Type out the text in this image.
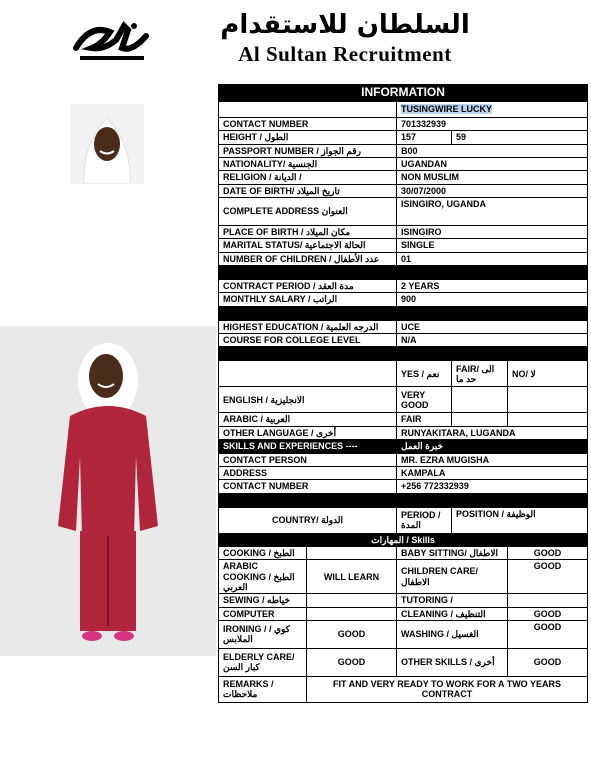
السلطان للاستقدام
Al Sultan Recruitment
INFORMATION				
		TUSINGWIRE LUCKY		
CONTACT NUMBER		701332939		
HEIGHT / الطول		157	59	
PASSPORT NUMBER / رقم الجواز		B00		
NATIONALITY/ الجنسية		UGANDAN		
RELIGION / الديانة /		NON MUSLIM		
DATE OF BIRTH/ تاريخ الميلاد		30/07/2000		
COMPLETE ADDRESS العنوان		ISINGIRO, UGANDA		
PLACE OF BIRTH / مكان الميلاد		ISINGIRO		
MARITAL STATUS/ الحالة الاجتماعية		SINGLE		
NUMBER OF CHILDREN / عدد الأطفال		01		

CONTRACT PERIOD / مدة العقد		2 YEARS		
MONTHLY SALARY / الراتب		900		

HIGHEST EDUCATION / الدرجه العلمية		UCE		
COURSE FOR COLLEGE LEVEL		N/A		

		YES / نعم	FAIR/ الى حد ما	NO/ لا
ENGLISH / الانجليزية		VERY GOOD		
ARABIC / العربية		FAIR		
OTHER LANGUAGE / أخرى		RUNYAKITARA, LUGANDA		
SKILLS AND EXPERIENCES ----		خبرة العمل		
CONTACT PERSON		MR. EZRA MUGISHA		
ADDRESS		KAMPALA		
CONTACT NUMBER		+256 772332939		

COUNTRY/ الدولة		PERIOD / المدة	POSITION / الوظيفة	
المهارات / Skills				
COOKING / الطبخ		BABY SITTING/ الاطفال		GOOD
ARABIC COOKING / الطبخ العربي	WILL LEARN	CHILDREN CARE/ الاطفال		GOOD
SEWING / خياطه		TUTORING /		
COMPUTER		CLEANING / التنظيف		GOOD
IRONING / كوي / الملابس	GOOD	WASHING / الغسيل		GOOD
ELDERLY CARE/ كبار السن	GOOD	OTHER SKILLS / أخرى		GOOD
REMARKS / ملاحظات	FIT AND VERY READY TO WORK FOR A TWO YEARS CONTRACT			
